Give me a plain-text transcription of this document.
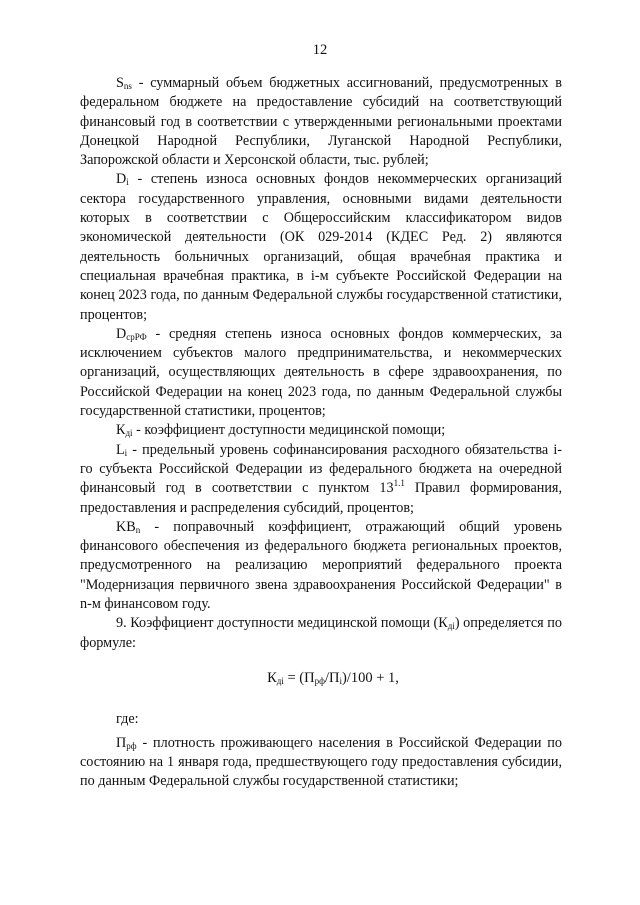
12

$S_{ns}$ - суммарный объем бюджетных ассигнований, предусмотренных в федеральном бюджете на предоставление субсидий на соответствующий финансовый год в соответствии с утвержденными региональными проектами Донецкой Народной Республики, Луганской Народной Республики, Запорожской области и Херсонской области, тыс. рублей;

$D_i$ - степень износа основных фондов некоммерческих организаций сектора государственного управления, основными видами деятельности которых в соответствии с Общероссийским классификатором видов экономической деятельности (ОК 029-2014 (КДЕС Ред. 2) являются деятельность больничных организаций, общая врачебная практика и специальная врачебная практика, в i-м субъекте Российской Федерации на конец 2023 года, по данным Федеральной службы государственной статистики, процентов;

$D_{срРФ}$ - средняя степень износа основных фондов коммерческих, за исключением субъектов малого предпринимательства, и некоммерческих организаций, осуществляющих деятельность в сфере здравоохранения, по Российской Федерации на конец 2023 года, по данным Федеральной службы государственной статистики, процентов;

$К_{дi}$ - коэффициент доступности медицинской помощи;

$L_i$ - предельный уровень софинансирования расходного обязательства i-го субъекта Российской Федерации из федерального бюджета на очередной финансовый год в соответствии с пунктом $13^{1.1}$ Правил формирования, предоставления и распределения субсидий, процентов;

$KB_n$ - поправочный коэффициент, отражающий общий уровень финансового обеспечения из федерального бюджета региональных проектов, предусмотренного на реализацию мероприятий федерального проекта "Модернизация первичного звена здравоохранения Российской Федерации" в n-м финансовом году.

9. Коэффициент доступности медицинской помощи $(К_{дi})$ определяется по формуле:

$К_{дi} = (П_{рф}/П_i)/100 + 1$,

где:

$П_{рф}$ - плотность проживающего населения в Российской Федерации по состоянию на 1 января года, предшествующего году предоставления субсидии, по данным Федеральной службы государственной статистики;
